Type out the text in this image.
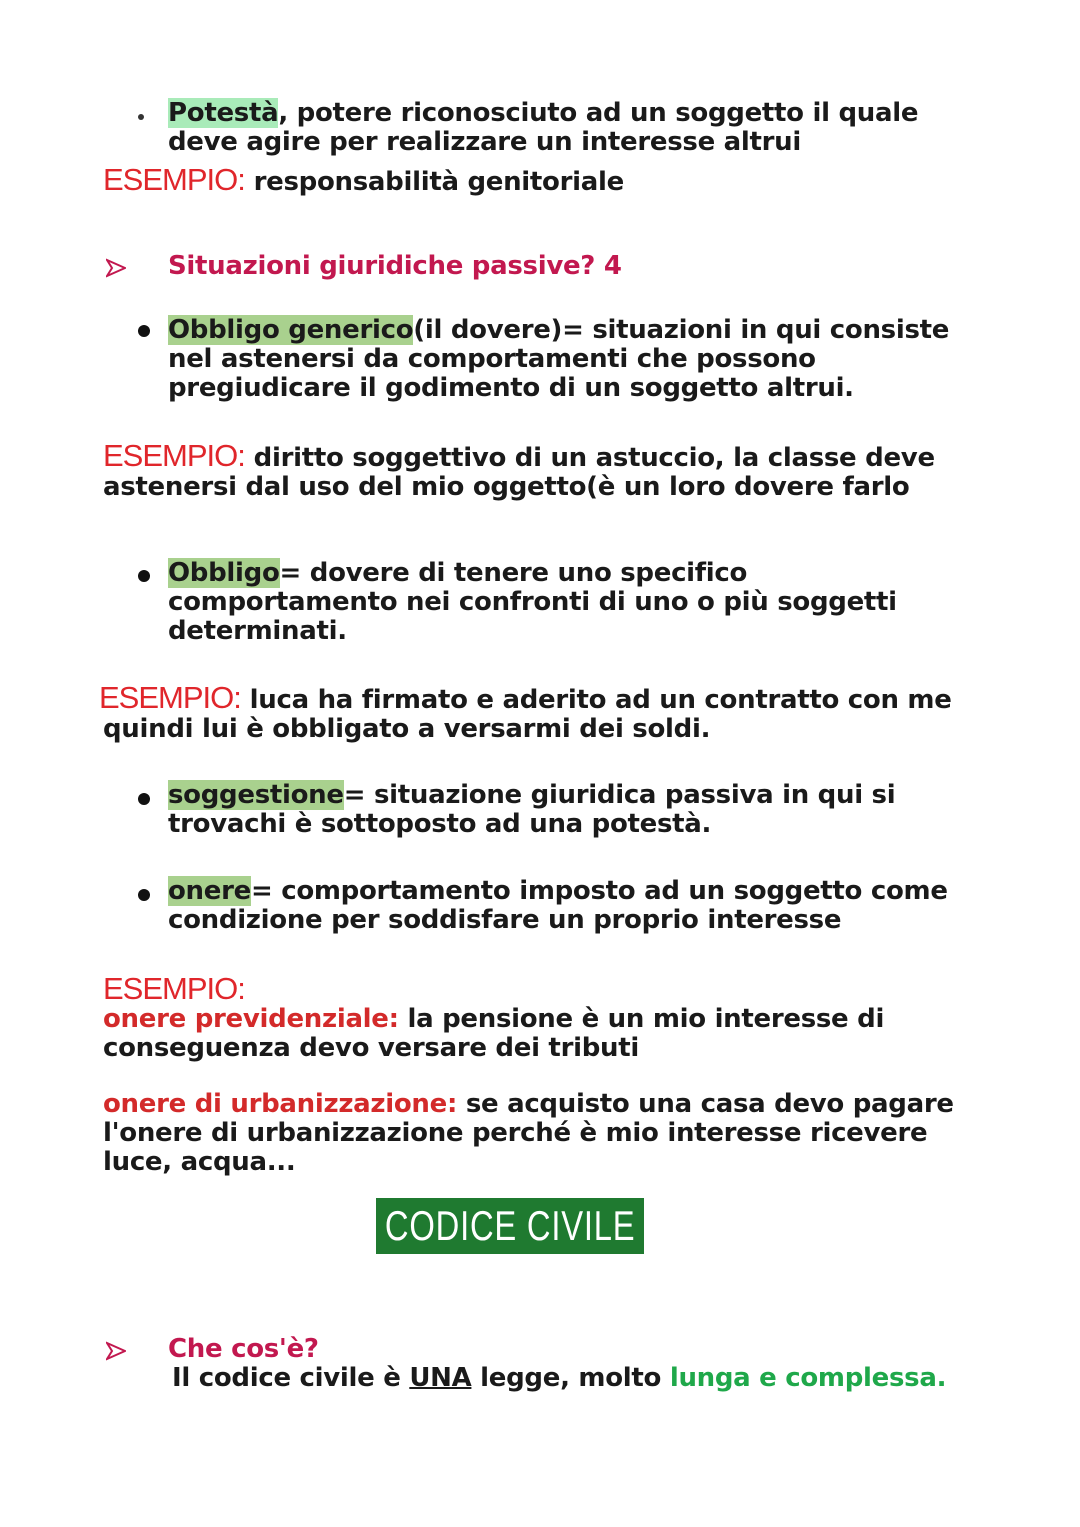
Potestà, potere riconosciuto ad un soggetto il quale
deve agire per realizzare un interesse altrui
ESEMPIO: responsabilità genitoriale
Situazioni giuridiche passive? 4
Obbligo generico(il dovere)= situazioni in qui consiste
nel astenersi da comportamenti che possono
pregiudicare il godimento di un soggetto altrui.
ESEMPIO: diritto soggettivo di un astuccio, la classe deve
astenersi dal uso del mio oggetto(è un loro dovere farlo
Obbligo= dovere di tenere uno specifico
comportamento nei confronti di uno o più soggetti
determinati.
ESEMPIO: luca ha firmato e aderito ad un contratto con me
quindi lui è obbligato a versarmi dei soldi.
soggestione= situazione giuridica passiva in qui si
trovachi è sottoposto ad una potestà.
onere= comportamento imposto ad un soggetto come
condizione per soddisfare un proprio interesse
ESEMPIO:
onere previdenziale: la pensione è un mio interesse di
conseguenza devo versare dei tributi
onere di urbanizzazione: se acquisto una casa devo pagare
l'onere di urbanizzazione perché è mio interesse ricevere
luce, acqua...
CODICE CIVILE
Che cos'è?
Il codice civile è UNA legge, molto lunga e complessa.
